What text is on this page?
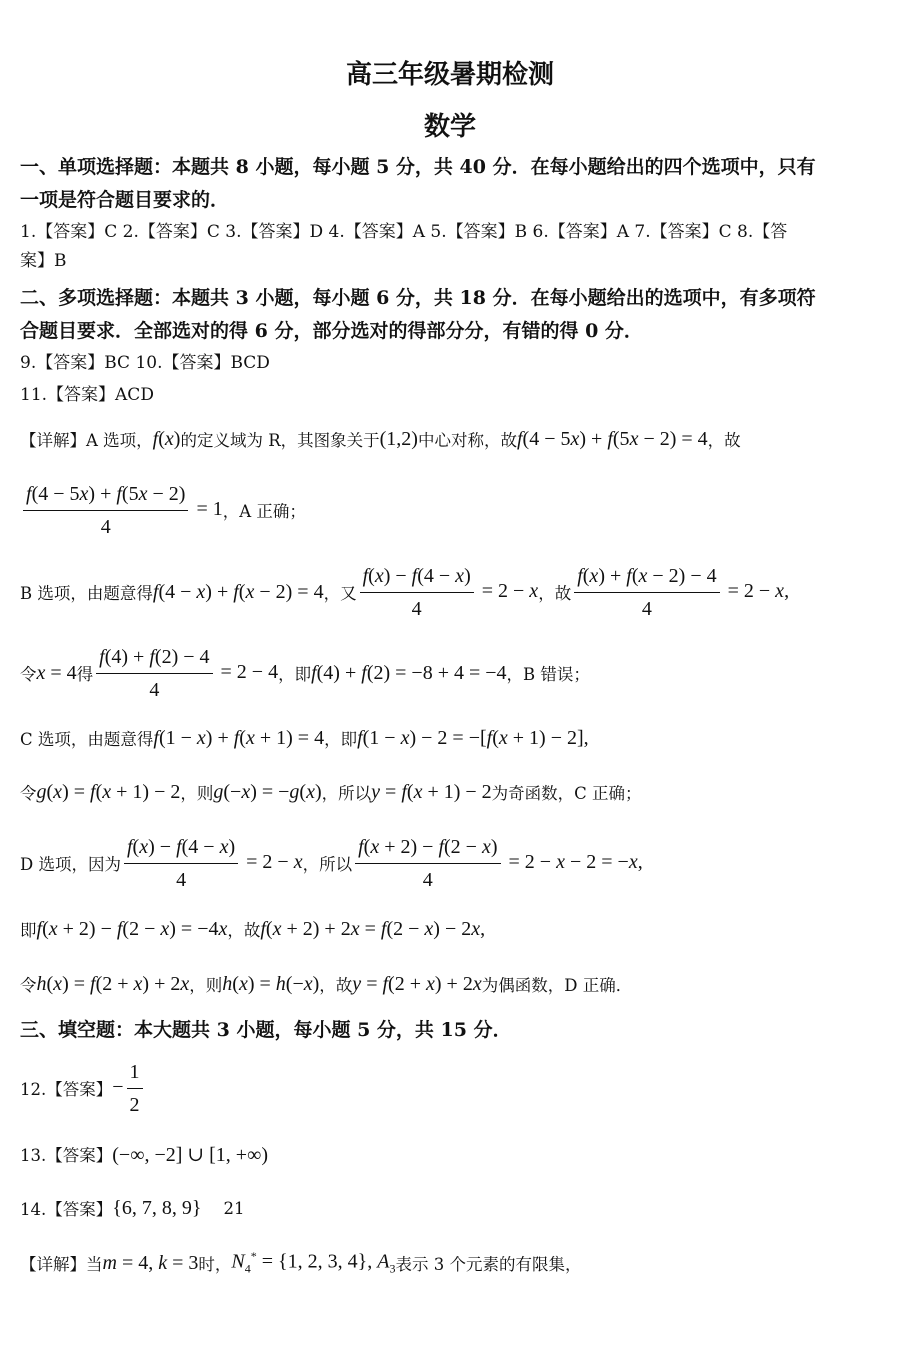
高三年级暑期检测
数学
一、单项选择题：本题共 8 小题，每小题 5 分，共 40 分．在每小题给出的四个选项中，只有
一项是符合题目要求的．
1.【答案】C 2.【答案】C 3.【答案】D 4.【答案】A 5.【答案】B 6.【答案】A 7.【答案】C 8.【答
案】B
二、多项选择题：本题共 3 小题，每小题 6 分，共 18 分．在每小题给出的选项中，有多项符
合题目要求．全部选对的得 6 分，部分选对的得部分分，有错的得 0 分．
9.【答案】BC 10.【答案】BCD
11.【答案】ACD
【详解】A 选项， f(x) 的定义域为 R，其图象关于 (1,2) 中心对称，故 f(4 − 5x) + f(5x − 2) = 4 ，故
$\frac{f(4 - 5x) + f(5x - 2)}{4} = 1$ ，A 正确；
B 选项，由题意得 f(4 − x) + f(x − 2) = 4 ，又 $\frac{f(x) - f(4 - x)}{4} = 2 - x$ ，故 $\frac{f(x) + f(x - 2) - 4}{4} = 2 - x$,
令 x = 4 得 $\frac{f(4) + f(2) - 4}{4} = 2 - 4$ ，即 f(4) + f(2) = −8 + 4 = −4 ，B 错误；
C 选项，由题意得 f(1 − x) + f(x + 1) = 4 ，即 f(1 − x) − 2 = −[f(x + 1) − 2],
令 g(x) = f(x + 1) − 2 ，则 g(−x) = −g(x) ，所以 y = f(x + 1) − 2 为奇函数，C 正确；
D 选项，因为 $\frac{f(x) - f(4 - x)}{4} = 2 - x$ ，所以 $\frac{f(x + 2) - f(2 - x)}{4} = 2 - x - 2 = -x$,
即 f(x + 2) − f(2 − x) = −4x ，故 f(x + 2) + 2x = f(2 − x) − 2x,
令 h(x) = f(2 + x) + 2x ，则 h(x) = h(−x) ，故 y = f(2 + x) + 2x 为偶函数，D 正确．
三、填空题：本大题共 3 小题，每小题 5 分，共 15 分．
12.【答案】 − $\frac{1}{2}$
13.【答案】 (−∞, −2] ∪ [1, +∞)
14.【答案】 {6, 7, 8, 9} 21
【详解】当 m = 4, k = 3 时， $N_4^* = \{1$, 2, 3, 4}, $A_3$ 表示 3 个元素的有限集，
